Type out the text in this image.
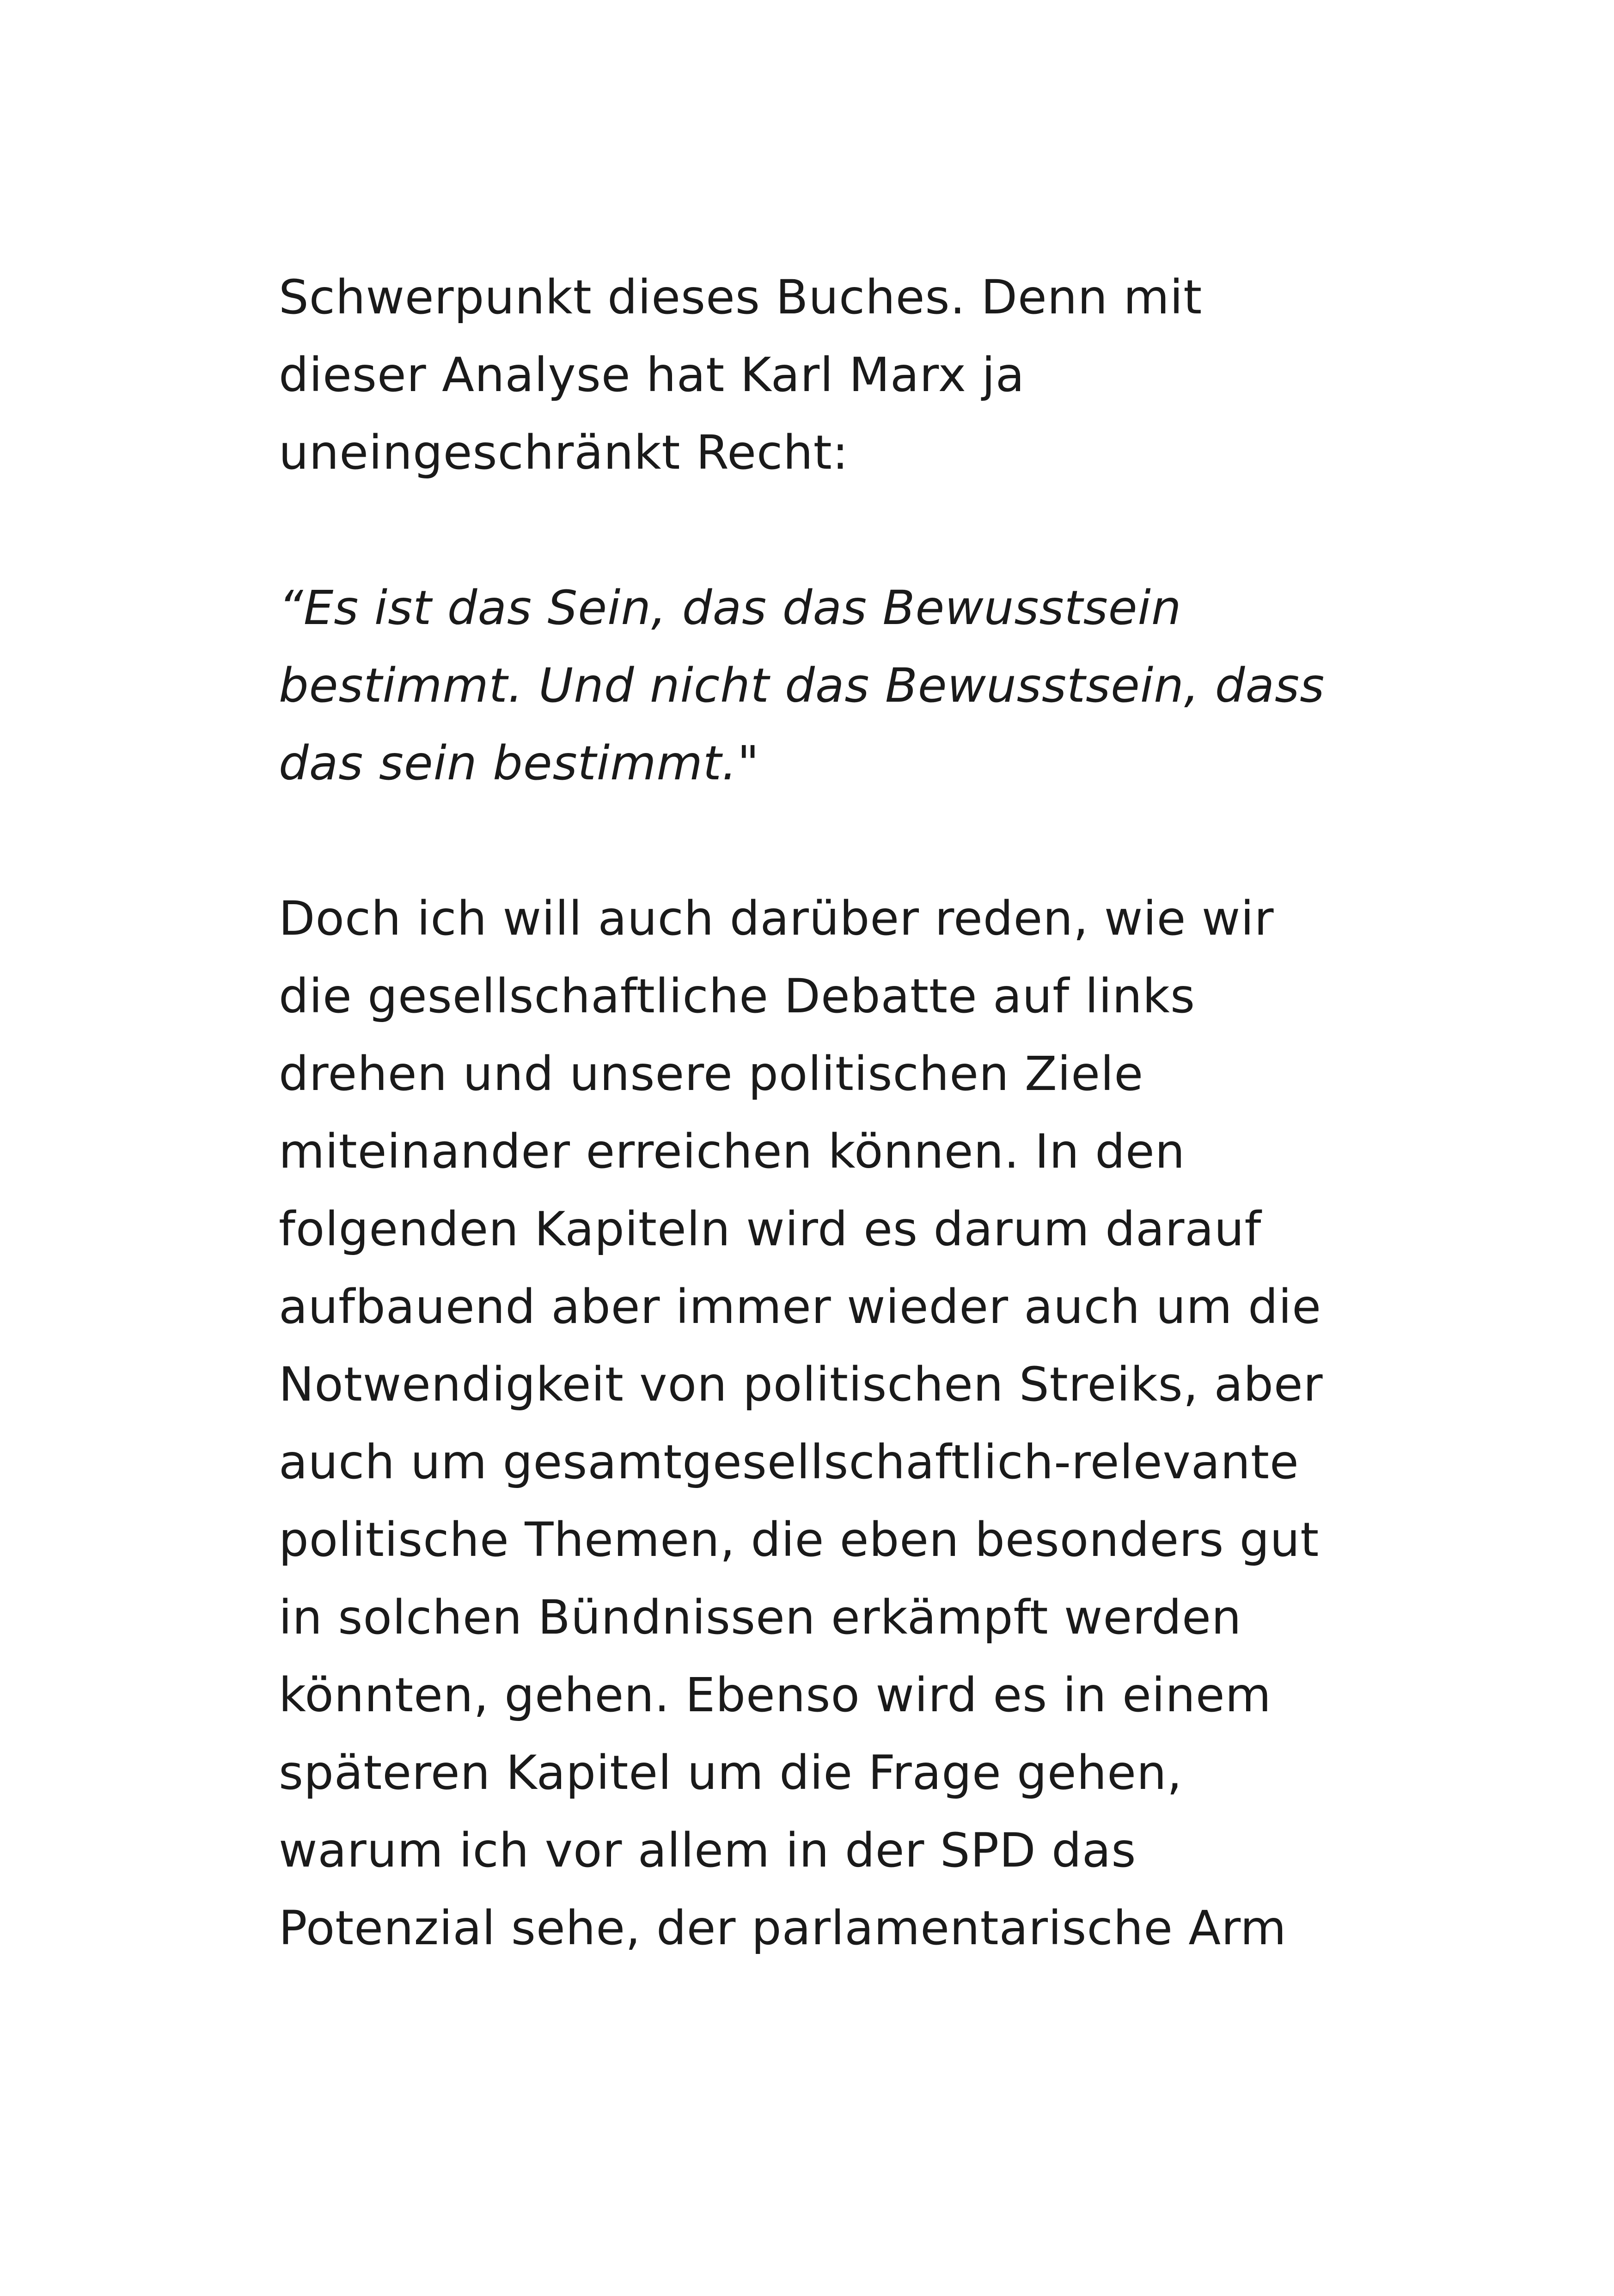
Schwerpunkt dieses Buches. Denn mit
dieser Analyse hat Karl Marx ja
uneingeschränkt Recht:
“Es ist das Sein, das das Bewusstsein
bestimmt. Und nicht das Bewusstsein, dass
das sein bestimmt."
Doch ich will auch darüber reden, wie wir
die gesellschaftliche Debatte auf links
drehen und unsere politischen Ziele
miteinander erreichen können. In den
folgenden Kapiteln wird es darum darauf
aufbauend aber immer wieder auch um die
Notwendigkeit von politischen Streiks, aber
auch um gesamtgesellschaftlich-relevante
politische Themen, die eben besonders gut
in solchen Bündnissen erkämpft werden
könnten, gehen. Ebenso wird es in einem
späteren Kapitel um die Frage gehen,
warum ich vor allem in der SPD das
Potenzial sehe, der parlamentarische Arm
